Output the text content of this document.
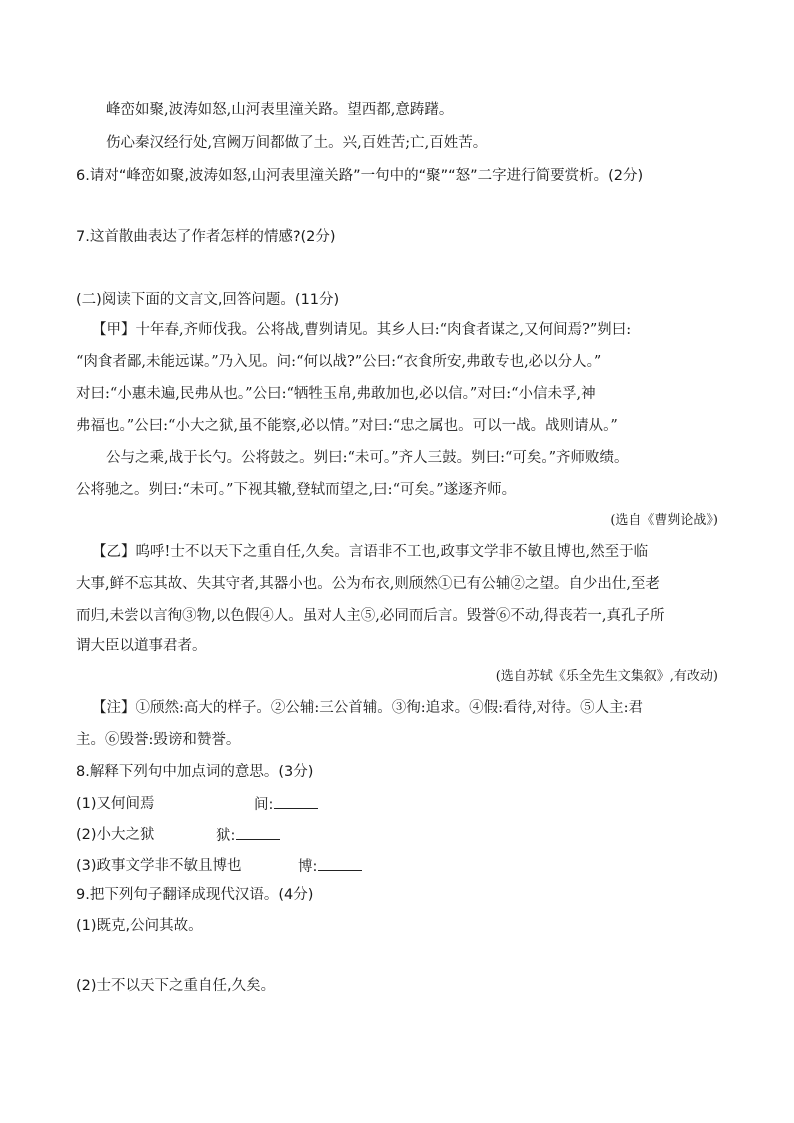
峰峦如聚,波涛如怒,山河表里潼关路。望西都,意踌躇。
伤心秦汉经行处,宫阙万间都做了土。兴,百姓苦;亡,百姓苦。
6.请对“峰峦如聚,波涛如怒,山河表里潼关路”一句中的“聚”“怒”二字进行简要赏析。(2分)
7.这首散曲表达了作者怎样的情感?(2分)
(二)阅读下面的文言文,回答问题。(11分)
【甲】十年春,齐师伐我。公将战,曹刿请见。其乡人曰:“肉食者谋之,又何间焉?”刿曰:
“肉食者鄙,未能远谋。”乃入见。问:“何以战?”公曰:“衣食所安,弗敢专也,必以分人。”
对曰:“小惠未遍,民弗从也。”公曰:“牺牲玉帛,弗敢加也,必以信。”对曰:“小信未孚,神
弗福也。”公曰:“小大之狱,虽不能察,必以情。”对曰:“忠之属也。可以一战。战则请从。”
公与之乘,战于长勺。公将鼓之。刿曰:“未可。”齐人三鼓。刿曰:“可矣。”齐师败绩。
公将驰之。刿曰:“未可。”下视其辙,登轼而望之,曰:“可矣。”遂逐齐师。
(选自《曹刿论战》)
【乙】呜呼!士不以天下之重自任,久矣。言语非不工也,政事文学非不敏且博也,然至于临
大事,鲜不忘其故、失其守者,其器小也。公为布衣,则颀然①已有公辅②之望。自少出仕,至老
而归,未尝以言徇③物,以色假④人。虽对人主⑤,必同而后言。毁誉⑥不动,得丧若一,真孔子所
谓大臣以道事君者。
(选自苏轼《乐全先生文集叙》,有改动)
【注】①颀然:高大的样子。②公辅:三公首辅。③徇:追求。④假:看待,对待。⑤人主:君
主。⑥毁誉:毁谤和赞誉。
8.解释下列句中加点词的意思。(3分)
(1)又何间焉	间:
(2)小大之狱	狱:
(3)政事文学非不敏且博也	博:
9.把下列句子翻译成现代汉语。(4分)
(1)既克,公问其故。
(2)士不以天下之重自任,久矣。
